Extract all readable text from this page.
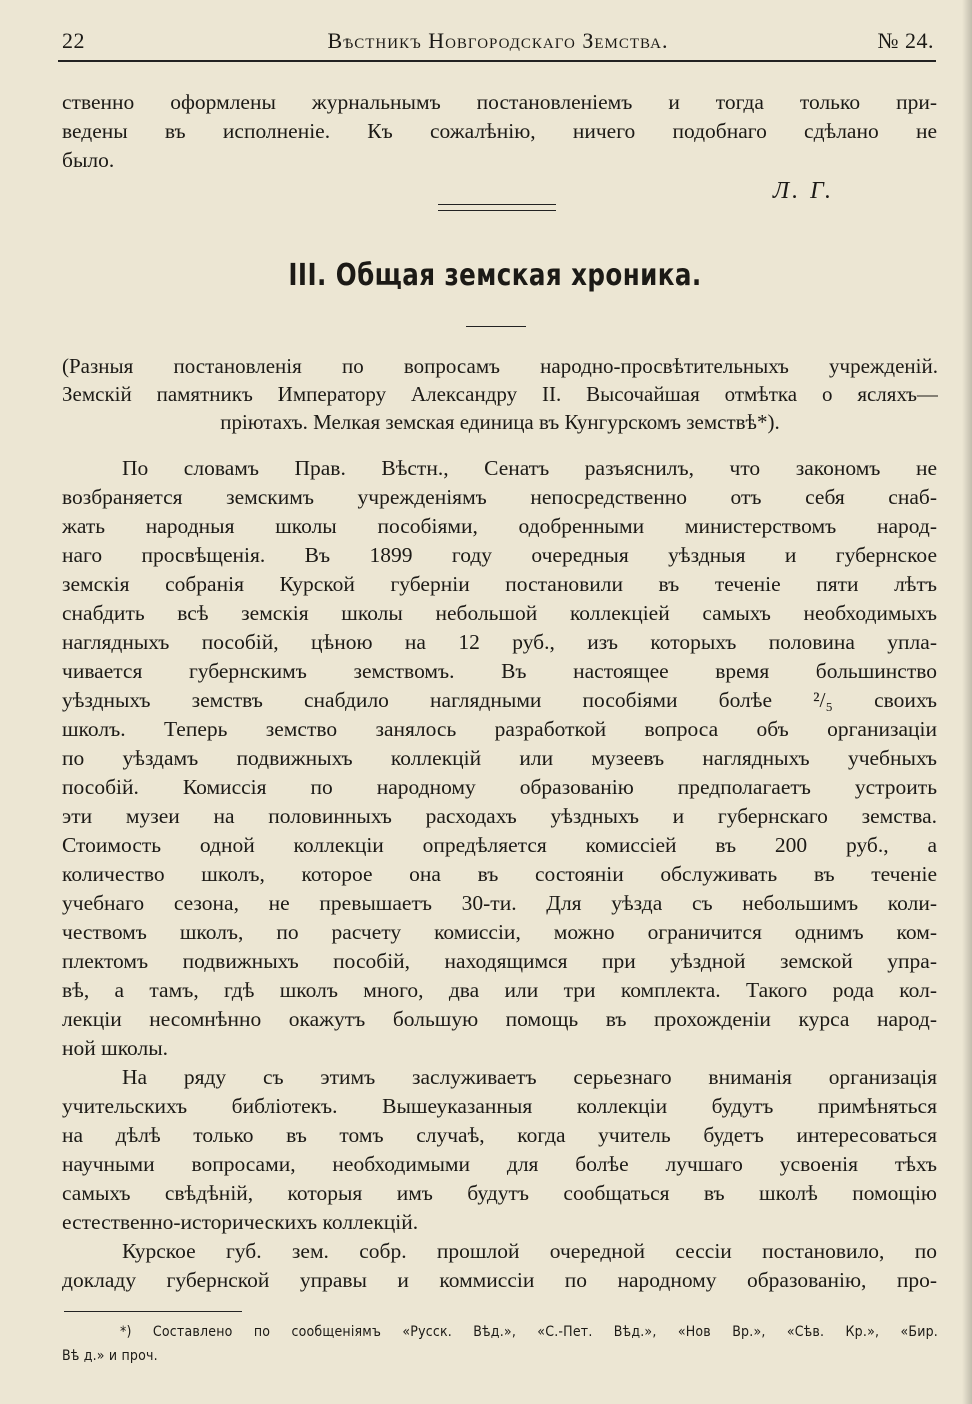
22	Вѣстникъ Новгородскаго Земства.	№ 24.
ственно оформлены журнальнымъ постановленіемъ и тогда только при-
ведены въ исполненіе. Къ сожалѣнію, ничего подобнаго сдѣлано не
было.
Л. Г.
III. Общая земская хроника.
(Разныя постановленія по вопросамъ народно-просвѣтительныхъ учрежденій.
Земскій памятникъ Императору Александру II. Высочайшая отмѣтка о ясляхъ—
пріютахъ. Мелкая земская единица въ Кунгурскомъ земствѣ*).
По словамъ Прав. Вѣстн., Сенатъ разъяснилъ, что закономъ не
возбраняется земскимъ учрежденіямъ непосредственно отъ себя снаб-
жать народныя школы пособіями, одобренными министерствомъ народ-
наго просвѣщенія. Въ 1899 году очередныя уѣздныя и губернское
земскія собранія Курской губерніи постановили въ теченіе пяти лѣтъ
снабдить всѣ земскія школы небольшой коллекціей самыхъ необходимыхъ
наглядныхъ пособій, цѣною на 12 руб., изъ которыхъ половина упла-
чивается губернскимъ земствомъ. Въ настоящее время большинство
уѣздныхъ земствъ снабдило наглядными пособіями болѣе ²/₅ своихъ
школъ. Теперь земство занялось разработкой вопроса объ организаціи
по уѣздамъ подвижныхъ коллекцій или музеевъ наглядныхъ учебныхъ
пособій. Комиссія по народному образованію предполагаетъ устроить
эти музеи на половинныхъ расходахъ уѣздныхъ и губернскаго земства.
Стоимость одной коллекціи опредѣляется комиссіей въ 200 руб., а
количество школъ, которое она въ состояніи обслуживать въ теченіе
учебнаго сезона, не превышаетъ 30-ти. Для уѣзда съ небольшимъ коли-
чествомъ школъ, по расчету комиссіи, можно ограничится однимъ ком-
плектомъ подвижныхъ пособій, находящимся при уѣздной земской упра-
вѣ, а тамъ, гдѣ школъ много, два или три комплекта. Такого рода кол-
лекціи несомнѣнно окажутъ большую помощь въ прохожденіи курса народ-
ной школы.
На ряду съ этимъ заслуживаетъ серьезнаго вниманія организація
учительскихъ библіотекъ. Вышеуказанныя коллекціи будутъ примѣняться
на дѣлѣ только въ томъ случаѣ, когда учитель будетъ интересоваться
научными вопросами, необходимыми для болѣе лучшаго усвоенія тѣхъ
самыхъ свѣдѣній, которыя имъ будутъ сообщаться въ школѣ помощію
естественно-историческихъ коллекцій.
Курское губ. зем. собр. прошлой очередной сессіи постановило, по
докладу губернской управы и коммиссіи по народному образованію, про-
*) Составлено по сообщеніямъ «Русск. Вѣд.», «С.-Пет. Вѣд.», «Нов Вр.», «Сѣв. Кр.», «Бир.
Вѣ д.» и проч.
